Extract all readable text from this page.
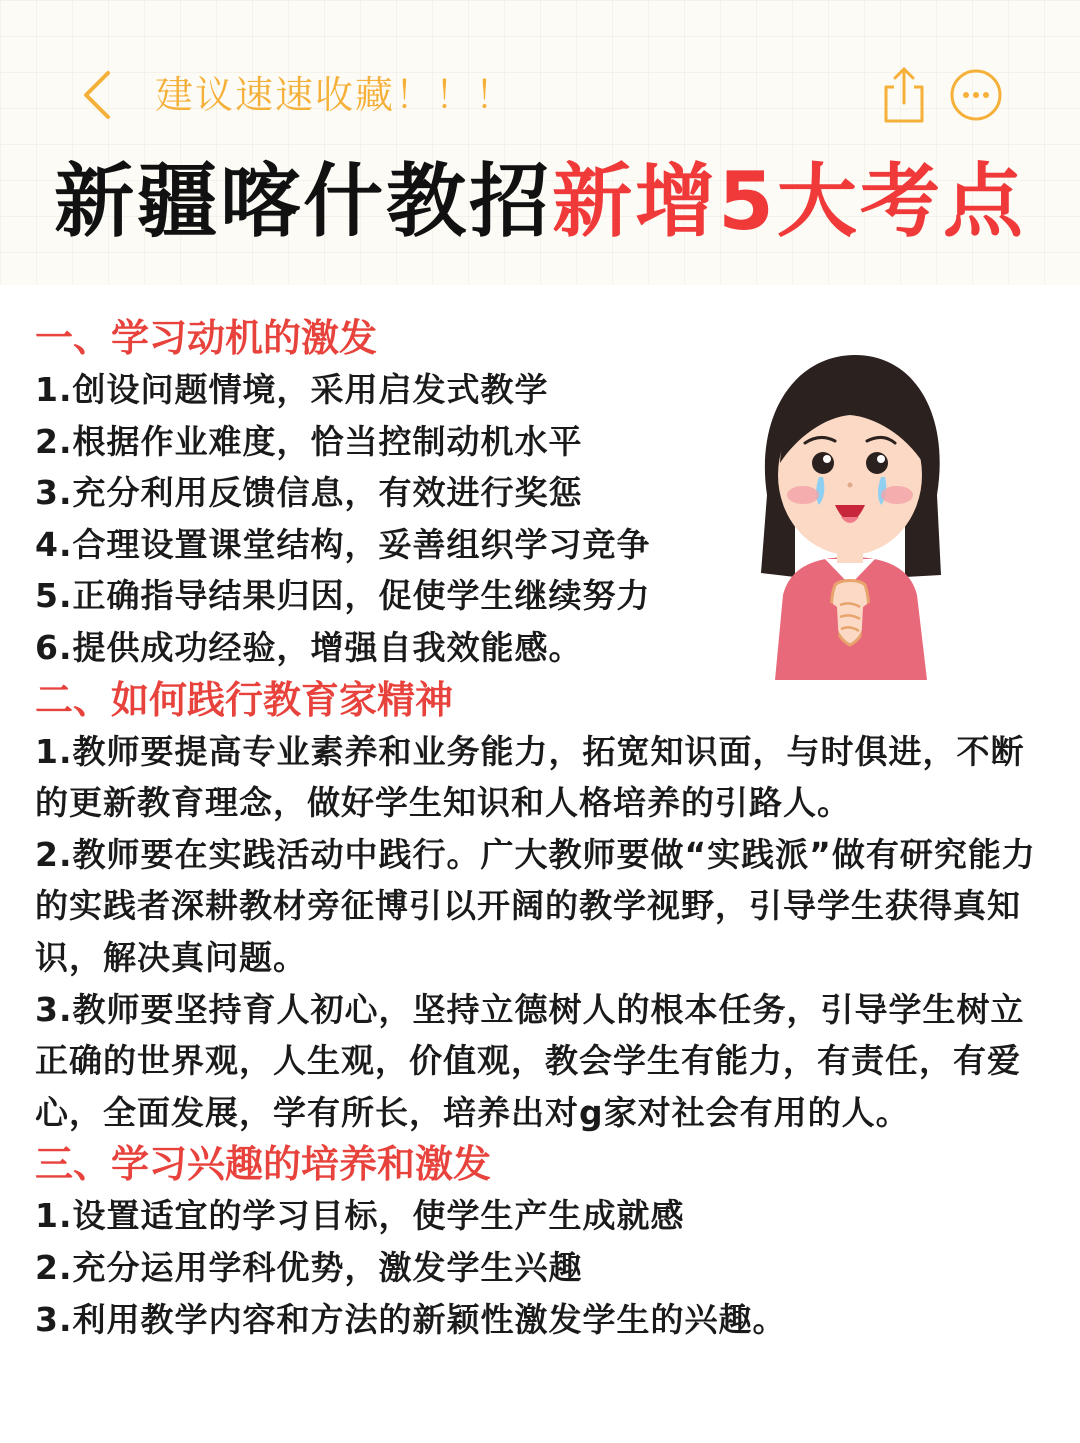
建议速速收藏！！！
新疆喀什教招新增5大考点
一、学习动机的激发
1.创设问题情境，采用启发式教学
2.根据作业难度，恰当控制动机水平
3.充分利用反馈信息，有效进行奖惩
4.合理设置课堂结构，妥善组织学习竞争
5.正确指导结果归因，促使学生继续努力
6.提供成功经验，增强自我效能感。
二、如何践行教育家精神
1.教师要提高专业素养和业务能力，拓宽知识面，与时俱进，不断的更新教育理念，做好学生知识和人格培养的引路人。
2.教师要在实践活动中践行。广大教师要做“实践派”做有研究能力的实践者深耕教材旁征博引以开阔的教学视野，引导学生获得真知识，解决真问题。
3.教师要坚持育人初心，坚持立德树人的根本任务，引导学生树立正确的世界观，人生观，价值观，教会学生有能力，有责任，有爱心，全面发展，学有所长，培养出对g家对社会有用的人。
三、学习兴趣的培养和激发
1.设置适宜的学习目标，使学生产生成就感
2.充分运用学科优势，激发学生兴趣
3.利用教学内容和方法的新颖性激发学生的兴趣。
